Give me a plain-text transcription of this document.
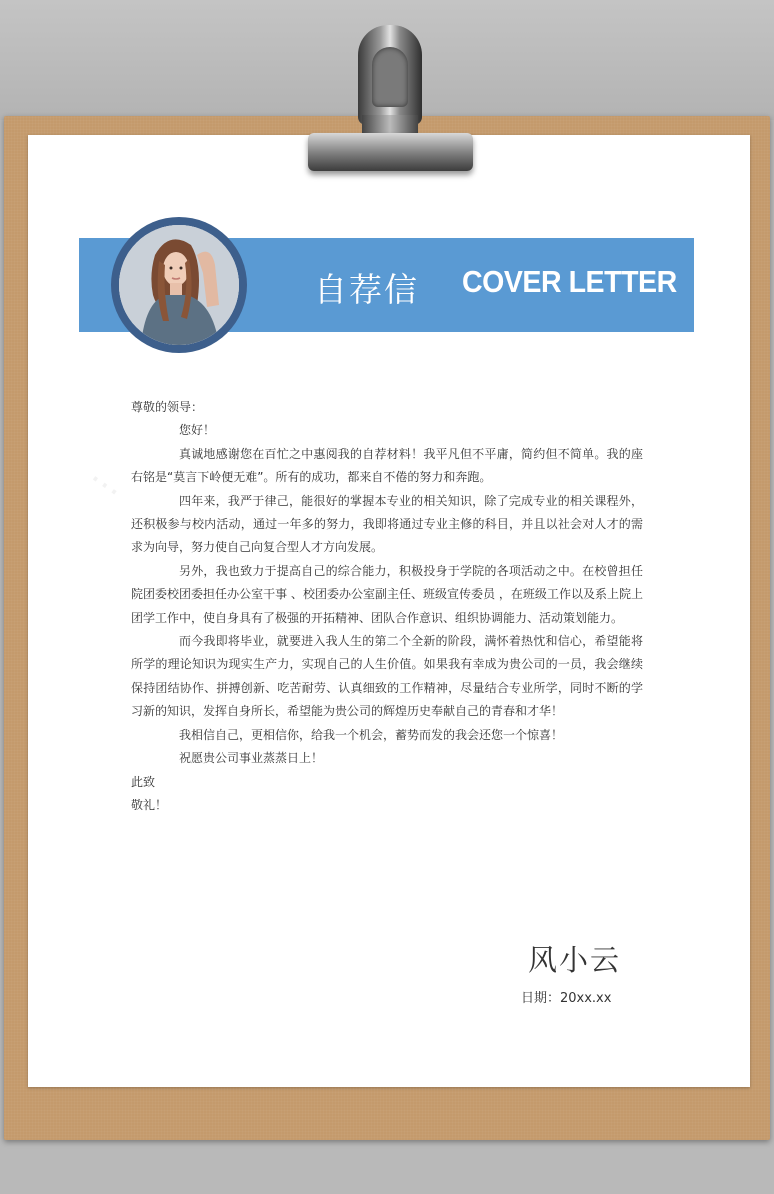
⋯
自荐信 COVER LETTER

尊敬的领导：

您好！

真诚地感谢您在百忙之中惠阅我的自荐材料！我平凡但不平庸，简约但不简单。我的座右铭是“莫言下岭便无难”。所有的成功，都来自不倦的努力和奔跑。

四年来，我严于律己，能很好的掌握本专业的相关知识，除了完成专业的相关课程外，还积极参与校内活动，通过一年多的努力，我即将通过专业主修的科目，并且以社会对人才的需求为向导，努力使自己向复合型人才方向发展。

另外，我也致力于提高自己的综合能力，积极投身于学院的各项活动之中。在校曾担任院团委校团委担任办公室干事 、校团委办公室副主任、班级宣传委员 ，在班级工作以及系上院上团学工作中，使自身具有了极强的开拓精神、团队合作意识、组织协调能力、活动策划能力。

而今我即将毕业，就要进入我人生的第二个全新的阶段，满怀着热忱和信心，希望能将所学的理论知识为现实生产力，实现自己的人生价值。如果我有幸成为贵公司的一员，我会继续保持团结协作、拼搏创新、吃苦耐劳、认真细致的工作精神，尽量结合专业所学，同时不断的学习新的知识，发挥自身所长，希望能为贵公司的辉煌历史奉献自己的青春和才华！

我相信自己，更相信你，给我一个机会，蓄势而发的我会还您一个惊喜！

祝愿贵公司事业蒸蒸日上！

此致

敬礼！

风小云
日期：20xx.xx
